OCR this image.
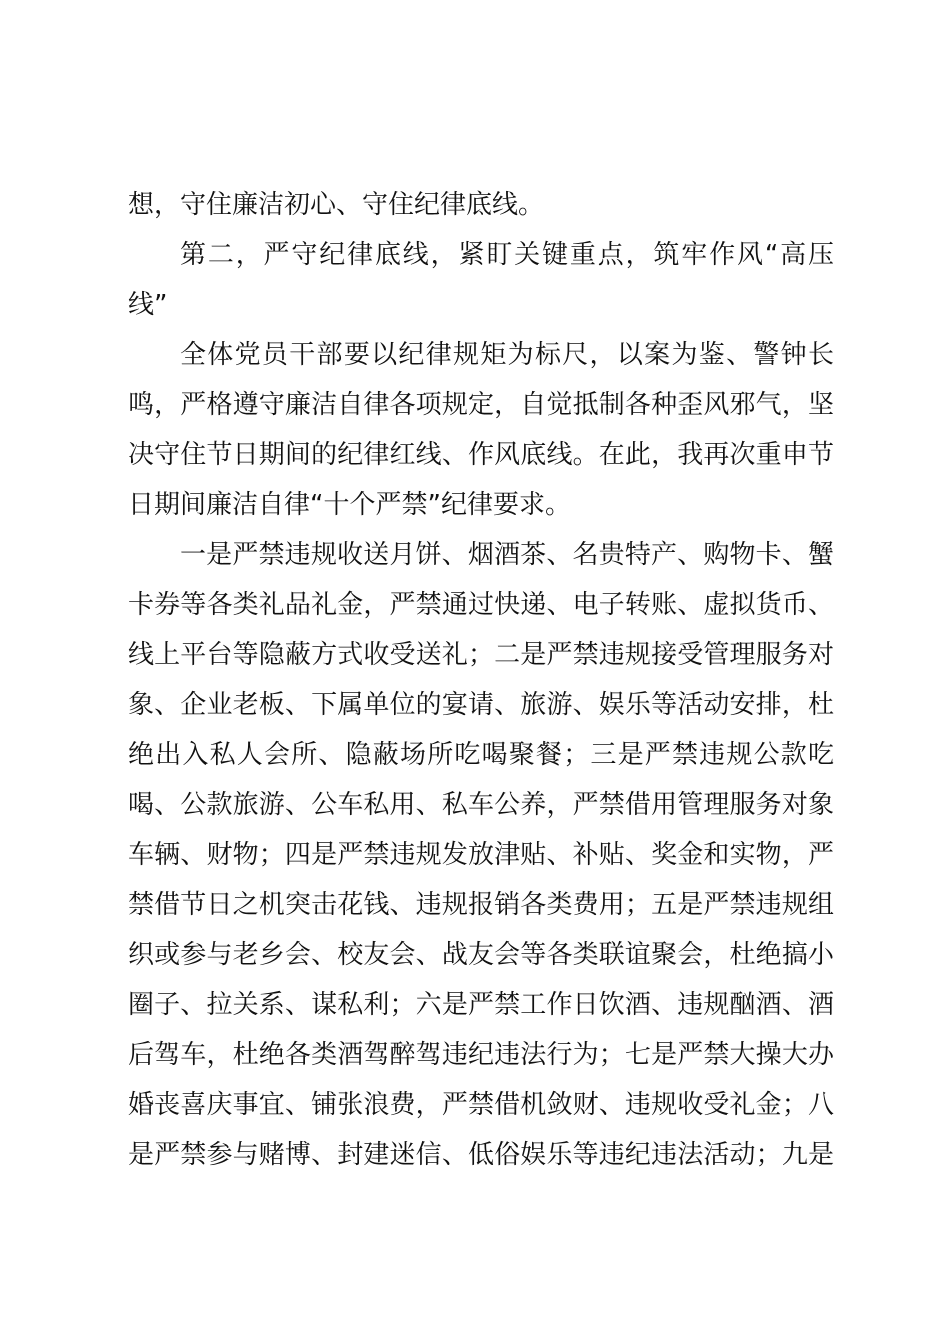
想，守住廉洁初心、守住纪律底线。
第二，严守纪律底线，紧盯关键重点，筑牢作风“高压
线”
全体党员干部要以纪律规矩为标尺，以案为鉴、警钟长
鸣，严格遵守廉洁自律各项规定，自觉抵制各种歪风邪气，坚
决守住节日期间的纪律红线、作风底线。在此，我再次重申节
日期间廉洁自律“十个严禁”纪律要求。
一是严禁违规收送月饼、烟酒茶、名贵特产、购物卡、蟹
卡券等各类礼品礼金，严禁通过快递、电子转账、虚拟货币、
线上平台等隐蔽方式收受送礼；二是严禁违规接受管理服务对
象、企业老板、下属单位的宴请、旅游、娱乐等活动安排，杜
绝出入私人会所、隐蔽场所吃喝聚餐；三是严禁违规公款吃
喝、公款旅游、公车私用、私车公养，严禁借用管理服务对象
车辆、财物；四是严禁违规发放津贴、补贴、奖金和实物，严
禁借节日之机突击花钱、违规报销各类费用；五是严禁违规组
织或参与老乡会、校友会、战友会等各类联谊聚会，杜绝搞小
圈子、拉关系、谋私利；六是严禁工作日饮酒、违规酗酒、酒
后驾车，杜绝各类酒驾醉驾违纪违法行为；七是严禁大操大办
婚丧喜庆事宜、铺张浪费，严禁借机敛财、违规收受礼金；八
是严禁参与赌博、封建迷信、低俗娱乐等违纪违法活动；九是
